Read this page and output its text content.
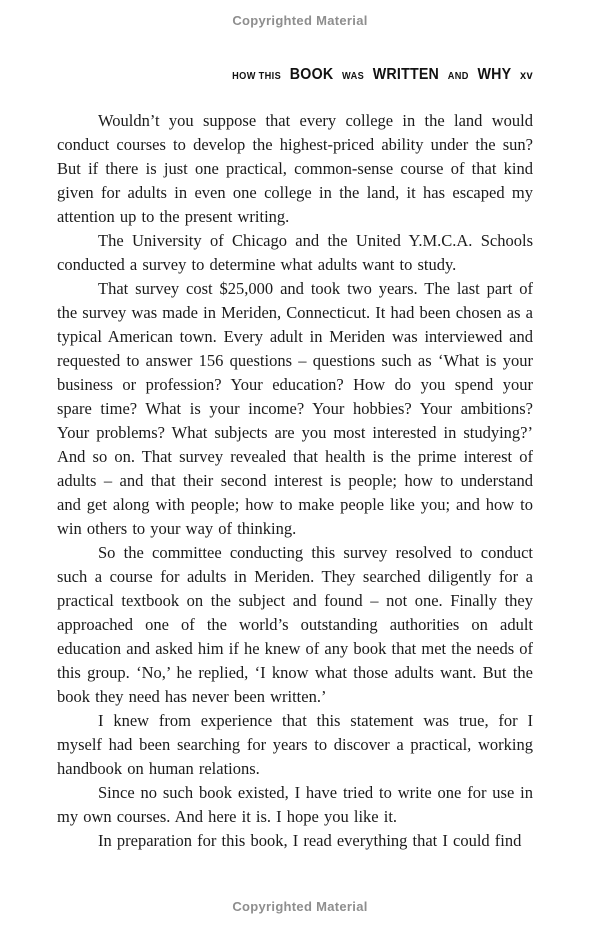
Copyrighted Material
HOW THIS BOOK WAS WRITTEN AND WHY xv

Wouldn’t you suppose that every college in the land would conduct courses to develop the highest-priced ability under the sun? But if there is just one practical, common-sense course of that kind given for adults in even one college in the land, it has escaped my attention up to the present writing.

The University of Chicago and the United Y.M.C.A. Schools conducted a survey to determine what adults want to study.

That survey cost $25,000 and took two years. The last part of the survey was made in Meriden, Connecticut. It had been chosen as a typical American town. Every adult in Meriden was interviewed and requested to answer 156 questions – questions such as ‘What is your business or profession? Your education? How do you spend your spare time? What is your income? Your hobbies? Your ambitions? Your problems? What subjects are you most interested in studying?’ And so on. That survey revealed that health is the prime interest of adults – and that their second interest is people; how to understand and get along with people; how to make people like you; and how to win others to your way of thinking.

So the committee conducting this survey resolved to conduct such a course for adults in Meriden. They searched diligently for a practical textbook on the subject and found – not one. Finally they approached one of the world’s outstanding authorities on adult education and asked him if he knew of any book that met the needs of this group. ‘No,’ he replied, ‘I know what those adults want. But the book they need has never been written.’

I knew from experience that this statement was true, for I myself had been searching for years to discover a practical, working handbook on human relations.

Since no such book existed, I have tried to write one for use in my own courses. And here it is. I hope you like it.

In preparation for this book, I read everything that I could find

Copyrighted Material
